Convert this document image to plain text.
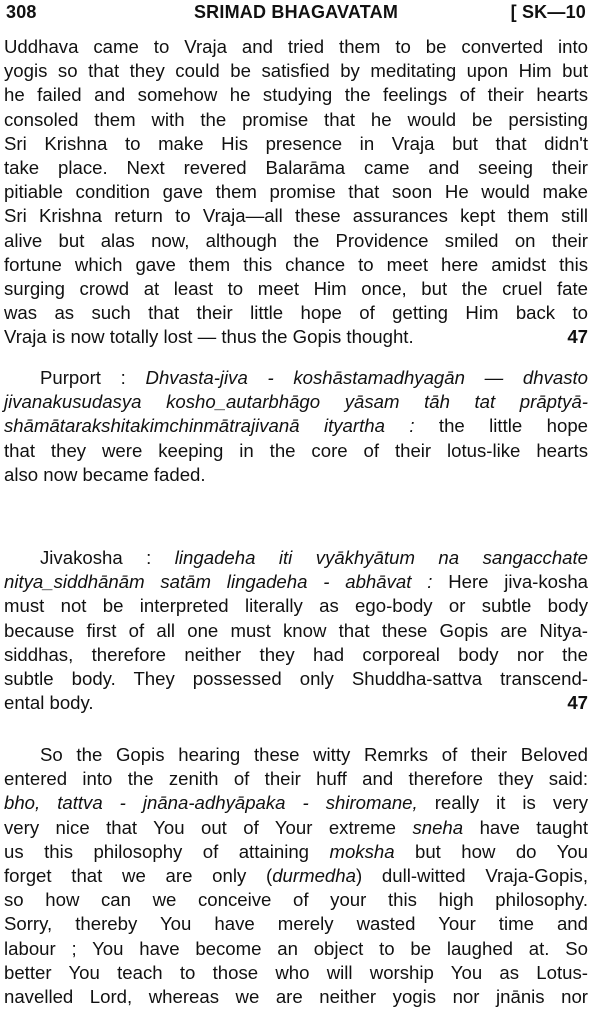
308	SRIMAD BHAGAVATAM	[ SK—10
Uddhava came to Vraja and tried them to be converted into
yogis so that they could be satisfied by meditating upon Him but
he failed and somehow he studying the feelings of their hearts
consoled them with the promise that he would be persisting
Sri Krishna to make His presence in Vraja but that didn't
take place. Next revered Balarāma came and seeing their
pitiable condition gave them promise that soon He would make
Sri Krishna return to Vraja—all these assurances kept them still
alive but alas now, although the Providence smiled on their
fortune which gave them this chance to meet here amidst this
surging crowd at least to meet Him once, but the cruel fate
was as such that their little hope of getting Him back to
Vraja is now totally lost — thus the Gopis thought.	47
Purport : Dhvasta-jiva - koshāstamadhyagān — dhvasto
jivanakusudasya kosho_autarbhāgo yāsam tāh tat prāptyā-
shāmātarakshitakimchinmātrajivanā ityartha : the little hope
that they were keeping in the core of their lotus-like hearts
also now became faded.
Jivakosha : lingadeha iti vyākhyātum na sangacchate
nitya_siddhānām satām lingadeha - abhāvat : Here jiva-kosha
must not be interpreted literally as ego-body or subtle body
because first of all one must know that these Gopis are Nitya-
siddhas, therefore neither they had corporeal body nor the
subtle body. They possessed only Shuddha-sattva transcend-
ental body.	47
So the Gopis hearing these witty Remrks of their Beloved
entered into the zenith of their huff and therefore they said:
bho, tattva - jnāna-adhyāpaka - shiromane, really it is very
very nice that You out of Your extreme sneha have taught
us this philosophy of attaining moksha but how do You
forget that we are only (durmedha) dull-witted Vraja-Gopis,
so how can we conceive of your this high philosophy.
Sorry, thereby You have merely wasted Your time and
labour ; You have become an object to be laughed at. So
better You teach to those who will worship You as Lotus-
navelled Lord, whereas we are neither yogis nor jnānis nor
